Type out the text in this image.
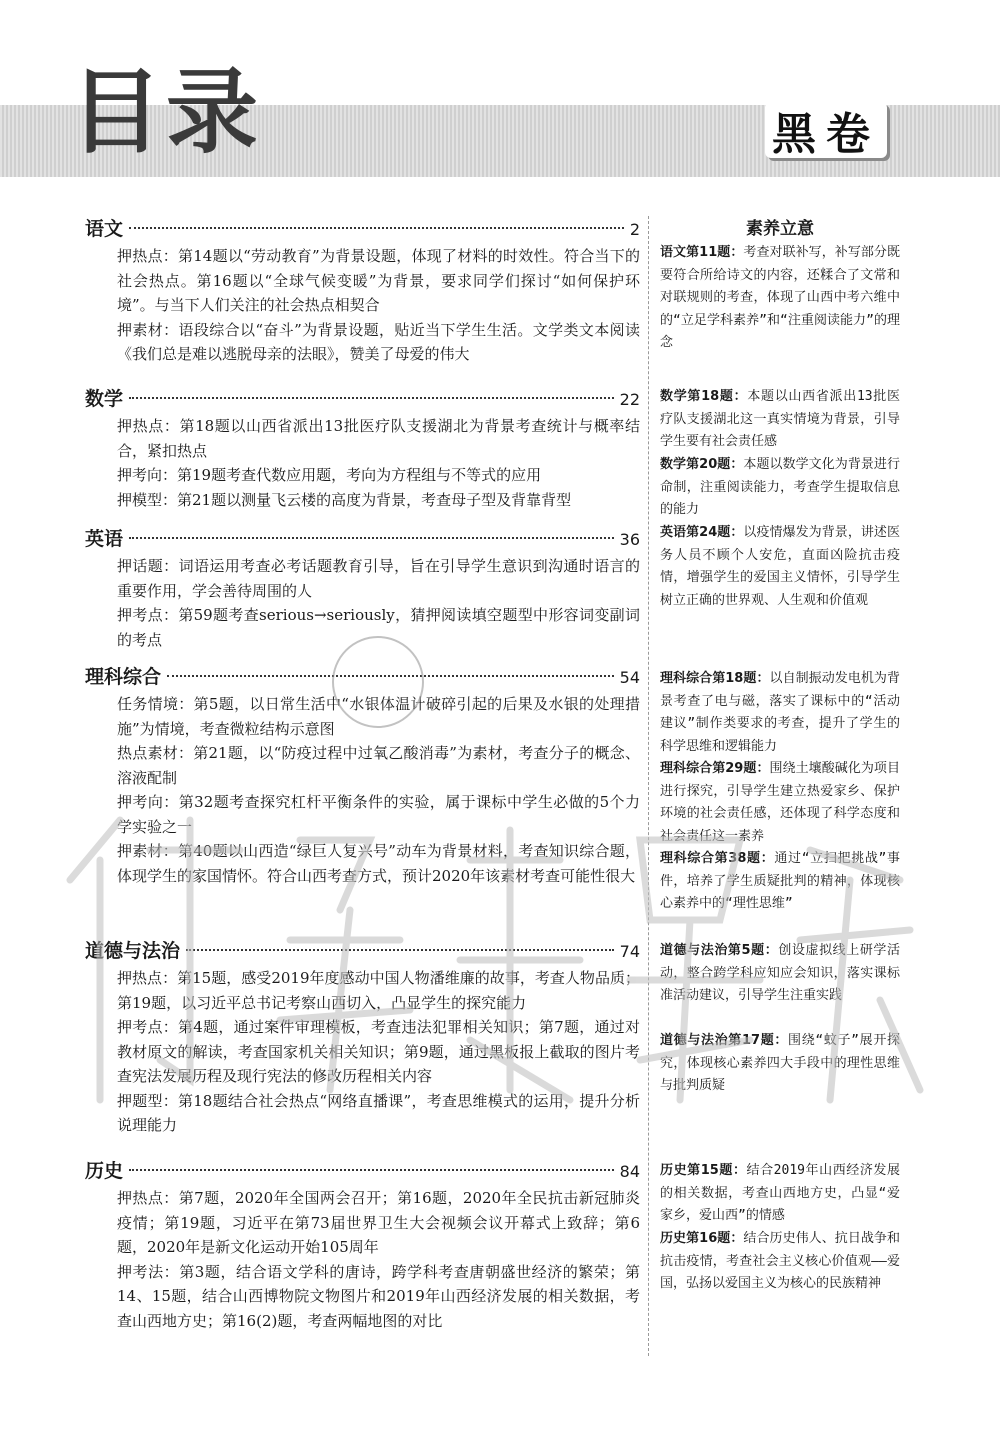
目录	黑卷
语文	2
押热点：第14题以“劳动教育”为背景设题，体现了材料的时效性。符合当下的社会热点。第16题以“全球气候变暖”为背景，要求同学们探讨“如何保护环境”。与当下人们关注的社会热点相契合
押素材：语段综合以“奋斗”为背景设题，贴近当下学生生活。文学类文本阅读《我们总是难以逃脱母亲的法眼》，赞美了母爱的伟大
数学	22
押热点：第18题以山西省派出13批医疗队支援湖北为背景考查统计与概率结合，紧扣热点
押考向：第19题考查代数应用题，考向为方程组与不等式的应用
押模型：第21题以测量飞云楼的高度为背景，考查母子型及背靠背型
英语	36
押话题：词语运用考查必考话题教育引导，旨在引导学生意识到沟通时语言的重要作用，学会善待周围的人
押考点：第59题考查serious→seriously，猜押阅读填空题型中形容词变副词的考点
理科综合	54
任务情境：第5题，以日常生活中“水银体温计破碎引起的后果及水银的处理措施”为情境，考查微粒结构示意图
热点素材：第21题，以“防疫过程中过氧乙酸消毒”为素材，考查分子的概念、溶液配制
押考向：第32题考查探究杠杆平衡条件的实验，属于课标中学生必做的5个力学实验之一
押素材：第40题以山西造“绿巨人复兴号”动车为背景材料，考查知识综合题，体现学生的家国情怀。符合山西考查方式，预计2020年该素材考查可能性很大
道德与法治	74
押热点：第15题，感受2019年度感动中国人物潘维廉的故事，考查人物品质；第19题，以习近平总书记考察山西切入，凸显学生的探究能力
押考点：第4题，通过案件审理模板，考查违法犯罪相关知识；第7题，通过对教材原文的解读，考查国家机关相关知识；第9题，通过黑板报上截取的图片考查宪法发展历程及现行宪法的修改历程相关内容
押题型：第18题结合社会热点“网络直播课”，考查思维模式的运用，提升分析说理能力
历史	84
押热点：第7题，2020年全国两会召开；第16题，2020年全民抗击新冠肺炎疫情；第19题，习近平在第73届世界卫生大会视频会议开幕式上致辞；第6题，2020年是新文化运动开始105周年
押考法：第3题，结合语文学科的唐诗，跨学科考查唐朝盛世经济的繁荣；第14、15题，结合山西博物院文物图片和2019年山西经济发展的相关数据，考查山西地方史；第16(2)题，考查两幅地图的对比
素养立意
语文第11题：考查对联补写，补写部分既要符合所给诗文的内容，还糅合了文常和对联规则的考查，体现了山西中考六维中的“立足学科素养”和“注重阅读能力”的理念
数学第18题：本题以山西省派出13批医疗队支援湖北这一真实情境为背景，引导学生要有社会责任感
数学第20题：本题以数学文化为背景进行命制，注重阅读能力，考查学生提取信息的能力
英语第24题：以疫情爆发为背景，讲述医务人员不顾个人安危，直面凶险抗击疫情，增强学生的爱国主义情怀，引导学生树立正确的世界观、人生观和价值观
理科综合第18题：以自制振动发电机为背景考查了电与磁，落实了课标中的“活动建议”制作类要求的考查，提升了学生的科学思维和逻辑能力
理科综合第29题：围绕土壤酸碱化为项目进行探究，引导学生建立热爱家乡、保护环境的社会责任感，还体现了科学态度和社会责任这一素养
理科综合第38题：通过“立扫把挑战”事件，培养了学生质疑批判的精神，体现核心素养中的“理性思维”
道德与法治第5题：创设虚拟线上研学活动，整合跨学科应知应会知识，落实课标准活动建议，引导学生注重实践
道德与法治第17题：围绕“蚊子”展开探究，体现核心素养四大手段中的理性思维与批判质疑
历史第15题：结合2019年山西经济发展的相关数据，考查山西地方史，凸显“爱家乡，爱山西”的情感
历史第16题：结合历史伟人、抗日战争和抗击疫情，考查社会主义核心价值观——爱国，弘扬以爱国主义为核心的民族精神
